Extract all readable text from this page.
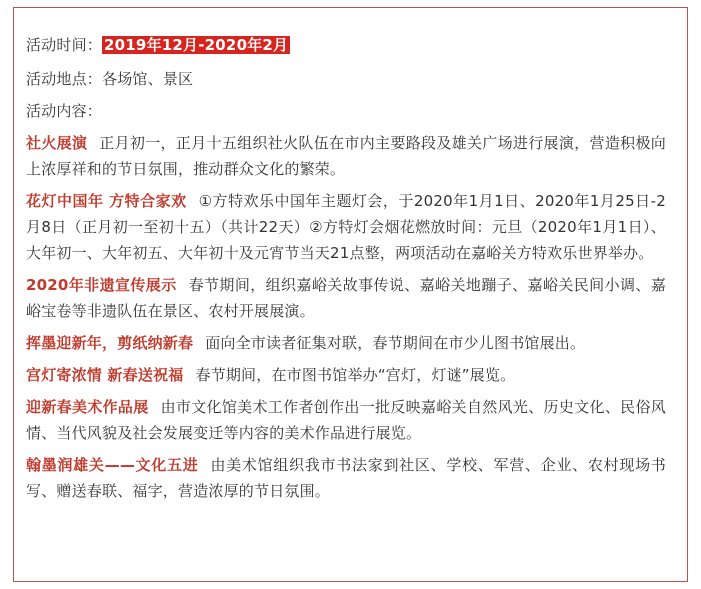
活动时间： 2019年12月-2020年2月
活动地点：各场馆、景区
活动内容：

社火展演 正月初一，正月十五组织社火队伍在市内主要路段及雄关广场进行展演，营造积极向上浓厚祥和的节日氛围，推动群众文化的繁荣。

花灯中国年 方特合家欢 ①方特欢乐中国年主题灯会，于2020年1月1日、2020年1月25日-2月8日（正月初一至初十五）（共计22天）②方特灯会烟花燃放时间：元旦（2020年1月1日）、大年初一、大年初五、大年初十及元宵节当天21点整，两项活动在嘉峪关方特欢乐世界举办。

2020年非遗宣传展示 春节期间，组织嘉峪关故事传说、嘉峪关地蹦子、嘉峪关民间小调、嘉峪宝卷等非遗队伍在景区、农村开展展演。

挥墨迎新年，剪纸纳新春 面向全市读者征集对联，春节期间在市少儿图书馆展出。

宫灯寄浓情 新春送祝福 春节期间，在市图书馆举办“宫灯，灯谜”展览。

迎新春美术作品展 由市文化馆美术工作者创作出一批反映嘉峪关自然风光、历史文化、民俗风情、当代风貌及社会发展变迁等内容的美术作品进行展览。

翰墨润雄关——文化五进 由美术馆组织我市书法家到社区、学校、军营、企业、农村现场书写、赠送春联、福字，营造浓厚的节日氛围。
